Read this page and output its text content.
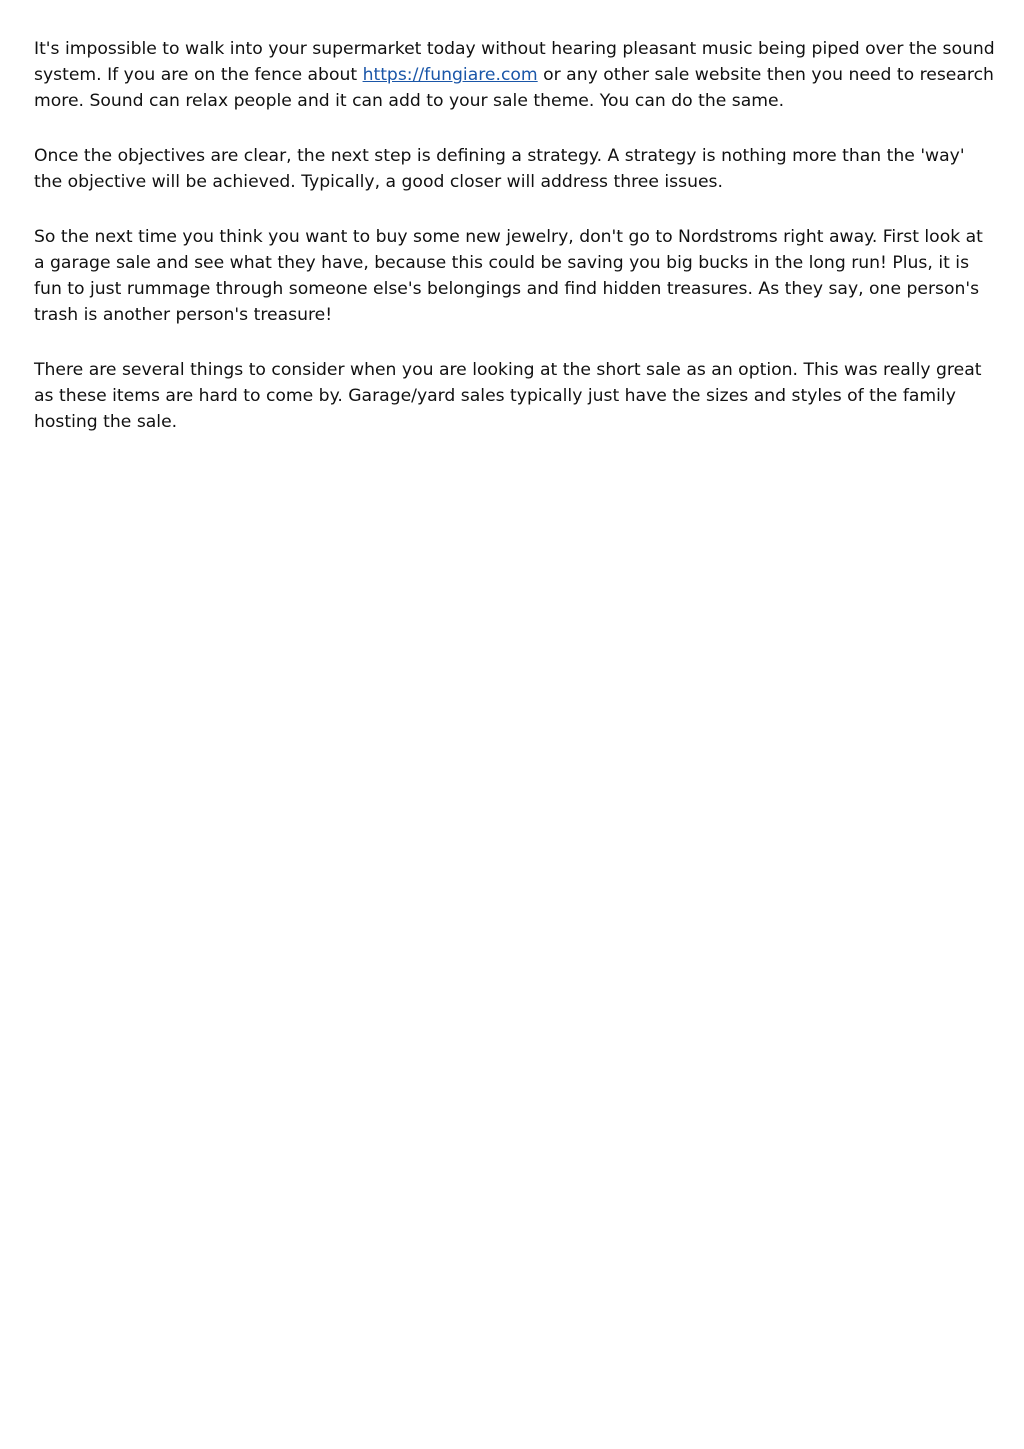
It's impossible to walk into your supermarket today without hearing pleasant music being piped over the sound system. If you are on the fence about https://fungiare.com or any other sale website then you need to research more. Sound can relax people and it can add to your sale theme. You can do the same.

Once the objectives are clear, the next step is defining a strategy. A strategy is nothing more than the 'way' the objective will be achieved. Typically, a good closer will address three issues.

So the next time you think you want to buy some new jewelry, don't go to Nordstroms right away. First look at a garage sale and see what they have, because this could be saving you big bucks in the long run! Plus, it is fun to just rummage through someone else's belongings and find hidden treasures. As they say, one person's trash is another person's treasure!

There are several things to consider when you are looking at the short sale as an option. This was really great as these items are hard to come by. Garage/yard sales typically just have the sizes and styles of the family hosting the sale.
